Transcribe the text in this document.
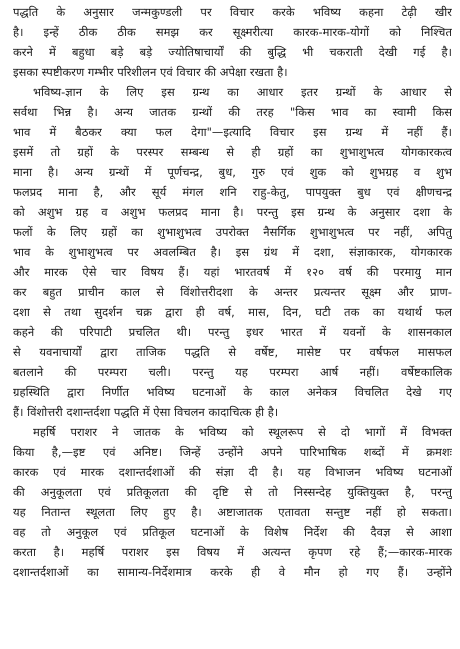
पद्धति के अनुसार जन्मकुण्डली पर विचार करके भविष्य कहना टेढ़ी खीर
है। इन्हें ठीक ठीक समझ कर सूक्ष्मरीत्या कारक-मारक-योगों को निश्चित
करने में बहुधा बड़े बड़े ज्योतिषाचार्यों की बुद्धि भी चकराती देखी गई है।
इसका स्पष्टीकरण गम्भीर परिशीलन एवं विचार की अपेक्षा रखता है।
भविष्य-ज्ञान के लिए इस ग्रन्थ का आधार इतर ग्रन्थों के आधार से
सर्वथा भिन्न है। अन्य जातक ग्रन्थों की तरह "किस भाव का स्वामी किस
भाव में बैठकर क्या फल देगा"—इत्यादि विचार इस ग्रन्थ में नहीं हैं।
इसमें तो ग्रहों के परस्पर सम्बन्ध से ही ग्रहों का शुभाशुभत्व योगकारकत्व
माना है। अन्य ग्रन्थों में पूर्णचन्द्र, बुध, गुरु एवं शुक को शुभग्रह व शुभ
फलप्रद माना है, और सूर्य मंगल शनि राहु-केतु, पापयुक्त बुध एवं क्षीणचन्द्र
को अशुभ ग्रह व अशुभ फलप्रद माना है। परन्तु इस ग्रन्थ के अनुसार दशा के
फलों के लिए ग्रहों का शुभाशुभत्व उपरोक्त नैसर्गिक शुभाशुभत्व पर नहीं, अपितु
भाव के शुभाशुभत्व पर अवलम्बित है। इस ग्रंथ में दशा, संज्ञाकारक, योगकारक
और मारक ऐसे चार विषय हैं। यहां भारतवर्ष में १२० वर्ष की परमायु मान
कर बहुत प्राचीन काल से विंशोत्तरीदशा के अन्तर प्रत्यन्तर सूक्ष्म और प्राण-
दशा से तथा सुदर्शन चक्र द्वारा ही वर्ष, मास, दिन, घटी तक का यथार्थ फल
कहने की परिपाटी प्रचलित थी। परन्तु इधर भारत में यवनों के शासनकाल
से यवनाचार्यों द्वारा ताजिक पद्धति से वर्षेष्ट, मासेष्ट पर वर्षफल मासफल
बतलाने की परम्परा चली। परन्तु यह परम्परा आर्ष नहीं। वर्षेष्टकालिक
ग्रहस्थिति द्वारा निर्णीत भविष्य घटनाओं के काल अनेकत्र विचलित देखे गए
हैं। विंशोत्तरी दशान्तर्दशा पद्धति में ऐसा विचलन कादाचित्क ही है।
महर्षि पराशर ने जातक के भविष्य को स्थूलरूप से दो भागों में विभक्त
किया है,—इष्ट एवं अनिष्ट। जिन्हें उन्होंने अपने पारिभाषिक शब्दों में क्रमशः
कारक एवं मारक दशान्तर्दशाओं की संज्ञा दी है। यह विभाजन भविष्य घटनाओं
की अनुकूलता एवं प्रतिकूलता की दृष्टि से तो निस्सन्देह युक्तियुक्त है, परन्तु
यह नितान्त स्थूलता लिए हुए है। अष्टाजातक एतावता सन्तुष्ट नहीं हो सकता।
वह तो अनुकूल एवं प्रतिकूल घटनाओं के विशेष निर्देश की दैवज्ञ से आशा
करता है। महर्षि पराशर इस विषय में अत्यन्त कृपण रहे हैं;—कारक-मारक
दशान्तर्दशाओं का सामान्य-निर्देशमात्र करके ही वे मौन हो गए हैं। उन्होंने
